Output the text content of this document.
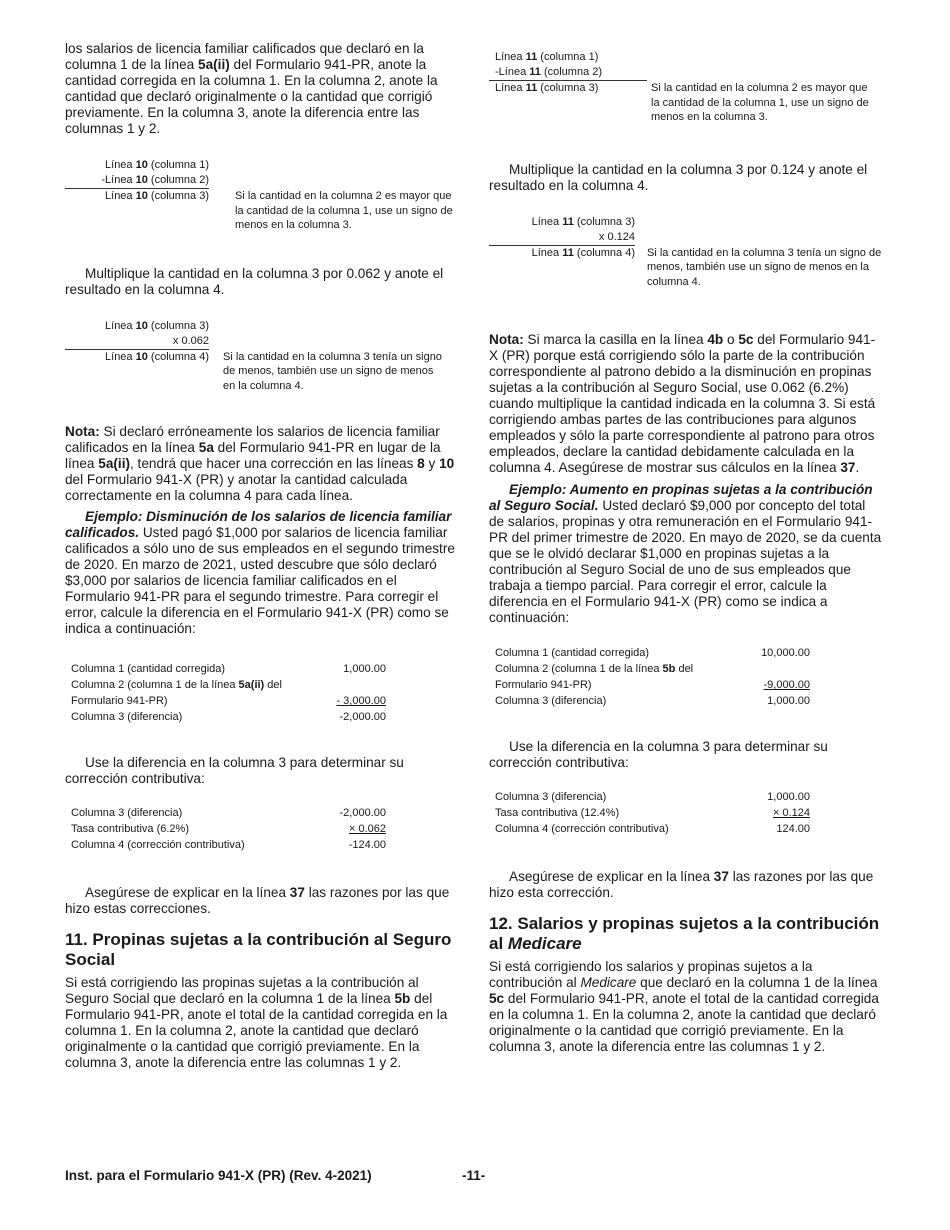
los salarios de licencia familiar calificados que declaró en la columna 1 de la línea 5a(ii) del Formulario 941-PR, anote la cantidad corregida en la columna 1. En la columna 2, anote la cantidad que declaró originalmente o la cantidad que corrigió previamente. En la columna 3, anote la diferencia entre las columnas 1 y 2.

Línea 10 (columna 1)
-Línea 10 (columna 2)
Línea 10 (columna 3) Si la cantidad en la columna 2 es mayor que la cantidad de la columna 1, use un signo de menos en la columna 3.

Multiplique la cantidad en la columna 3 por 0.062 y anote el resultado en la columna 4.

Línea 10 (columna 3)
x 0.062
Línea 10 (columna 4) Si la cantidad en la columna 3 tenía un signo de menos, también use un signo de menos en la columna 4.

Nota: Si declaró erróneamente los salarios de licencia familiar calificados en la línea 5a del Formulario 941-PR en lugar de la línea 5a(ii), tendrá que hacer una corrección en las líneas 8 y 10 del Formulario 941-X (PR) y anotar la cantidad calculada correctamente en la columna 4 para cada línea.

Ejemplo: Disminución de los salarios de licencia familiar calificados. Usted pagó $1,000 por salarios de licencia familiar calificados a sólo uno de sus empleados en el segundo trimestre de 2020. En marzo de 2021, usted descubre que sólo declaró $3,000 por salarios de licencia familiar calificados en el Formulario 941-PR para el segundo trimestre. Para corregir el error, calcule la diferencia en el Formulario 941-X (PR) como se indica a continuación:

Columna 1 (cantidad corregida)	1,000.00
Columna 2 (columna 1 de la línea 5a(ii) del	
Formulario 941-PR)	- 3,000.00
Columna 3 (diferencia)	-2,000.00

Use la diferencia en la columna 3 para determinar su corrección contributiva:

Columna 3 (diferencia)	-2,000.00
Tasa contributiva (6.2%)	× 0.062
Columna 4 (corrección contributiva)	-124.00

Asegúrese de explicar en la línea 37 las razones por las que hizo estas correcciones.

11. Propinas sujetas a la contribución al Seguro Social

Si está corrigiendo las propinas sujetas a la contribución al Seguro Social que declaró en la columna 1 de la línea 5b del Formulario 941-PR, anote el total de la cantidad corregida en la columna 1. En la columna 2, anote la cantidad que declaró originalmente o la cantidad que corrigió previamente. En la columna 3, anote la diferencia entre las columnas 1 y 2.

Línea 11 (columna 1)
-Línea 11 (columna 2)
Línea 11 (columna 3)	Si la cantidad en la columna 2 es mayor que la cantidad de la columna 1, use un signo de menos en la columna 3.

Multiplique la cantidad en la columna 3 por 0.124 y anote el resultado en la columna 4.

Línea 11 (columna 3)
x 0.124
Línea 11 (columna 4) Si la cantidad en la columna 3 tenía un signo de menos, también use un signo de menos en la columna 4.

Nota: Si marca la casilla en la línea 4b o 5c del Formulario 941-X (PR) porque está corrigiendo sólo la parte de la contribución correspondiente al patrono debido a la disminución en propinas sujetas a la contribución al Seguro Social, use 0.062 (6.2%) cuando multiplique la cantidad indicada en la columna 3. Si está corrigiendo ambas partes de las contribuciones para algunos empleados y sólo la parte correspondiente al patrono para otros empleados, declare la cantidad debidamente calculada en la columna 4. Asegúrese de mostrar sus cálculos en la línea 37.

Ejemplo: Aumento en propinas sujetas a la contribución al Seguro Social. Usted declaró $9,000 por concepto del total de salarios, propinas y otra remuneración en el Formulario 941-PR del primer trimestre de 2020. En mayo de 2020, se da cuenta que se le olvidó declarar $1,000 en propinas sujetas a la contribución al Seguro Social de uno de sus empleados que trabaja a tiempo parcial. Para corregir el error, calcule la diferencia en el Formulario 941-X (PR) como se indica a continuación:

Columna 1 (cantidad corregida)	10,000.00
Columna 2 (columna 1 de la línea 5b del	
Formulario 941-PR)	-9,000.00
Columna 3 (diferencia)	1,000.00

Use la diferencia en la columna 3 para determinar su corrección contributiva:

Columna 3 (diferencia)	1,000.00
Tasa contributiva (12.4%)	× 0.124
Columna 4 (corrección contributiva)	124.00

Asegúrese de explicar en la línea 37 las razones por las que hizo esta corrección.

12. Salarios y propinas sujetos a la contribución al Medicare

Si está corrigiendo los salarios y propinas sujetos a la contribución al Medicare que declaró en la columna 1 de la línea 5c del Formulario 941-PR, anote el total de la cantidad corregida en la columna 1. En la columna 2, anote la cantidad que declaró originalmente o la cantidad que corrigió previamente. En la columna 3, anote la diferencia entre las columnas 1 y 2.

Inst. para el Formulario 941-X (PR) (Rev. 4-2021)	-11-
